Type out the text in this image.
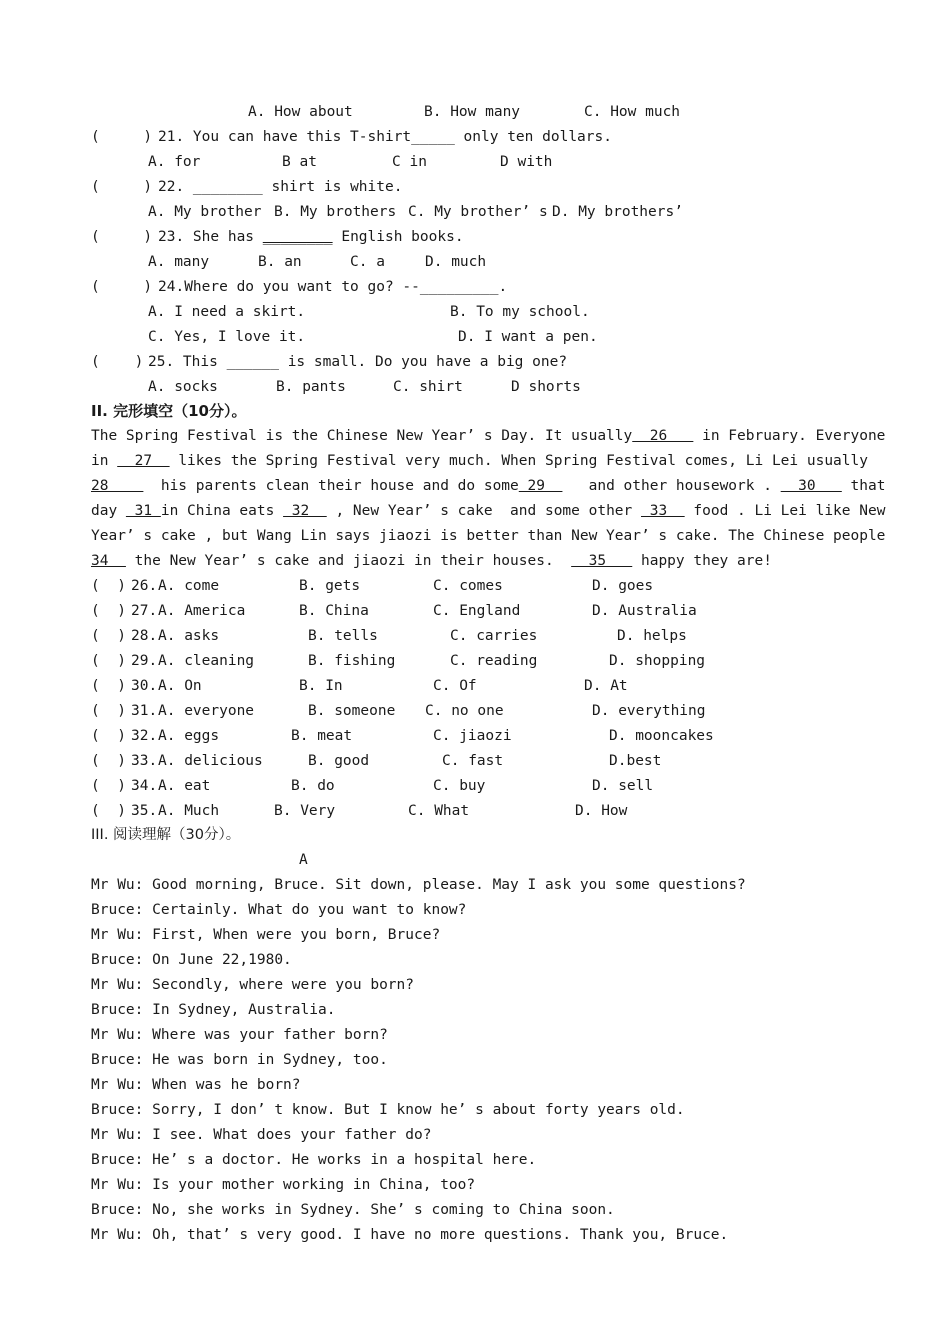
A. How about	B. How many	C. How much
(     ) 21. You can have this T-shirt_____ only ten dollars.
A. for	B at	C in	D with
(     ) 22. ________ shirt is white.
A. My brother B. My brothers C. My brother’ s D. My brothers’
(     ) 23. She has ________ English books.
A. many	B. an	C. a	D. much
(     ) 24.Where do you want to go? --_________.
A. I need a skirt.	B. To my school.
C. Yes, I love it.	D. I want a pen.
(    ) 25. This ______ is small. Do you have a big one?
A. socks	B. pants	C. shirt	D shorts
II. 完形填空（10分）。
The Spring Festival is the Chinese New Year’ s Day. It usually  26    in February. Everyone
in   27   likes the Spring Festival very much. When Spring Festival comes, Li Lei usually
28      his parents clean their house and do some 29     and other housework .   30    that
day  31 in China eats  32   , New Year’ s cake  and some other  33   food . Li Lei like New
Year’ s cake , but Wang Lin says jiaozi is better than New Year’ s cake. The Chinese people
34   the New Year’ s cake and jiaozi in their houses.    35    happy they are!
(  ) 26. A. come	B. gets	C. comes	D. goes
(  ) 27. A. America	B. China	C. England	D. Australia
(  ) 28. A. asks	B. tells	C. carries	D. helps
(  ) 29. A. cleaning	B. fishing	C. reading	D. shopping
(  ) 30. A. On	B. In	C. Of	D. At
(  ) 31. A. everyone	B. someone C. no one	D. everything
(  ) 32. A. eggs	B. meat	C. jiaozi	D. mooncakes
(  ) 33. A. delicious	B. good	C. fast	D.best
(  ) 34. A. eat	B. do	C. buy	D. sell
(  ) 35. A. Much	B. Very	C. What	D. How
III. 阅读理解（30分）。
A
Mr Wu: Good morning, Bruce. Sit down, please. May I ask you some questions?
Bruce: Certainly. What do you want to know?
Mr Wu: First, When were you born, Bruce?
Bruce: On June 22,1980.
Mr Wu: Secondly, where were you born?
Bruce: In Sydney, Australia.
Mr Wu: Where was your father born?
Bruce: He was born in Sydney, too.
Mr Wu: When was he born?
Bruce: Sorry, I don’ t know. But I know he’ s about forty years old.
Mr Wu: I see. What does your father do?
Bruce: He’ s a doctor. He works in a hospital here.
Mr Wu: Is your mother working in China, too?
Bruce: No, she works in Sydney. She’ s coming to China soon.
Mr Wu: Oh, that’ s very good. I have no more questions. Thank you, Bruce.
